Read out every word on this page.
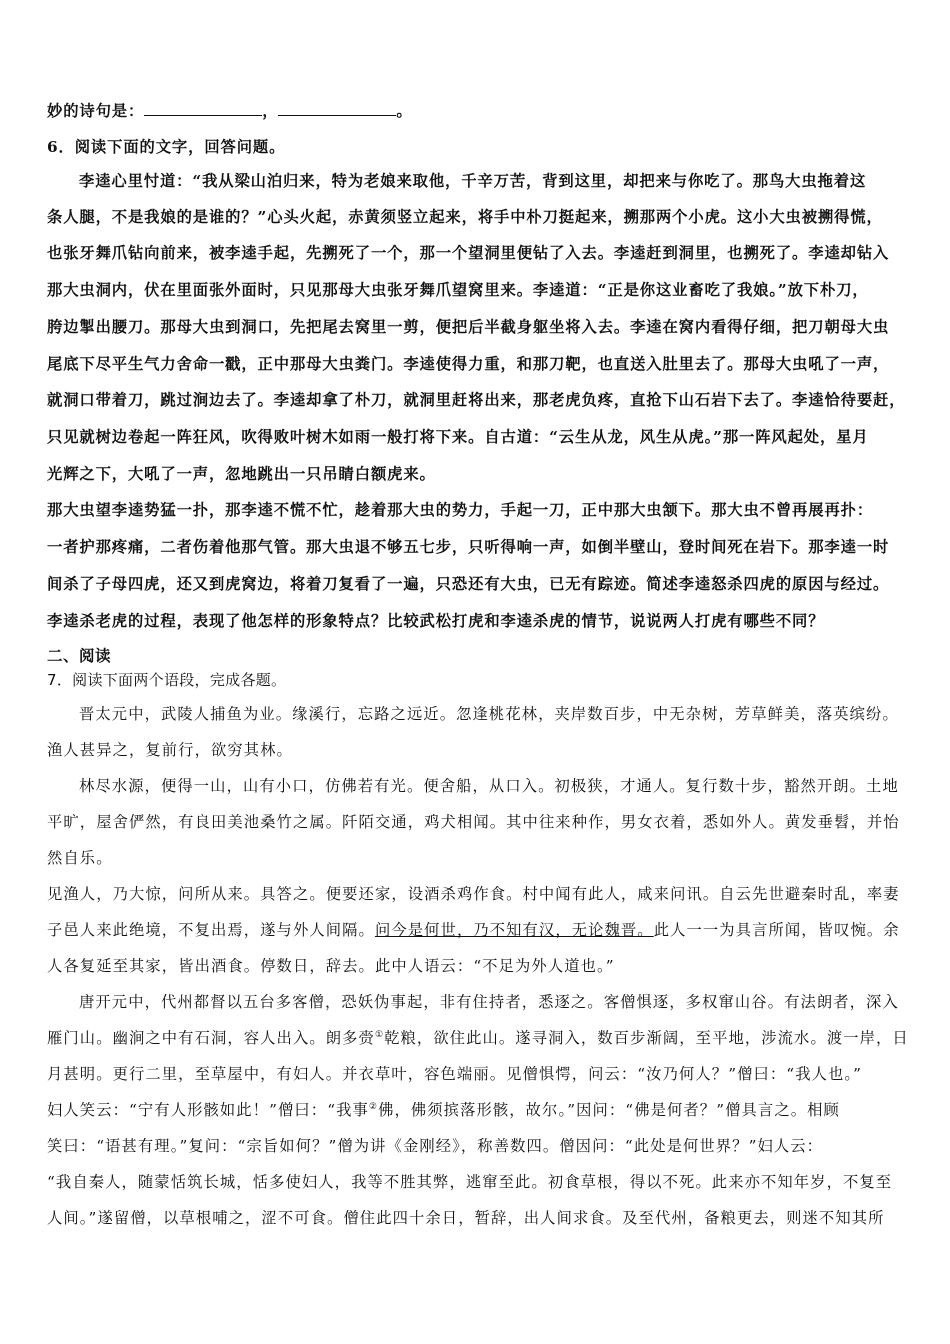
妙的诗句是：	，	。
6．阅读下面的文字，回答问题。
李逵心里忖道：“我从梁山泊归来，特为老娘来取他，千辛万苦，背到这里，却把来与你吃了。那鸟大虫拖着这
条人腿，不是我娘的是谁的？”心头火起，赤黄须竖立起来，将手中朴刀挺起来，搠那两个小虎。这小大虫被搠得慌，
也张牙舞爪钻向前来，被李逵手起，先搠死了一个，那一个望洞里便钻了入去。李逵赶到洞里，也搠死了。李逵却钻入
那大虫洞内，伏在里面张外面时，只见那母大虫张牙舞爪望窝里来。李逵道：“正是你这业畜吃了我娘。”放下朴刀，
胯边掣出腰刀。那母大虫到洞口，先把尾去窝里一剪，便把后半截身躯坐将入去。李逵在窝内看得仔细，把刀朝母大虫
尾底下尽平生气力舍命一戳，正中那母大虫粪门。李逵使得力重，和那刀靶，也直送入肚里去了。那母大虫吼了一声，
就洞口带着刀，跳过涧边去了。李逵却拿了朴刀，就洞里赶将出来，那老虎负疼，直抢下山石岩下去了。李逵恰待要赶，
只见就树边卷起一阵狂风，吹得败叶树木如雨一般打将下来。自古道：“云生从龙，风生从虎。”那一阵风起处，星月
光辉之下，大吼了一声，忽地跳出一只吊睛白额虎来。
那大虫望李逵势猛一扑，那李逵不慌不忙，趁着那大虫的势力，手起一刀，正中那大虫颔下。那大虫不曾再展再扑：
一者护那疼痛，二者伤着他那气管。那大虫退不够五七步，只听得响一声，如倒半壁山，登时间死在岩下。那李逵一时
间杀了子母四虎，还又到虎窝边，将着刀复看了一遍，只恐还有大虫，已无有踪迹。简述李逵怒杀四虎的原因与经过。
李逵杀老虎的过程，表现了他怎样的形象特点？比较武松打虎和李逵杀虎的情节，说说两人打虎有哪些不同？
二、阅读
7．阅读下面两个语段，完成各题。
晋太元中，武陵人捕鱼为业。缘溪行，忘路之远近。忽逢桃花林，夹岸数百步，中无杂树，芳草鲜美，落英缤纷。
渔人甚异之，复前行，欲穷其林。
林尽水源，便得一山，山有小口，仿佛若有光。便舍船，从口入。初极狭，才通人。复行数十步，豁然开朗。土地
平旷，屋舍俨然，有良田美池桑竹之属。阡陌交通，鸡犬相闻。其中往来种作，男女衣着，悉如外人。黄发垂髫，并怡
然自乐。
见渔人，乃大惊，问所从来。具答之。便要还家，设酒杀鸡作食。村中闻有此人，咸来问讯。自云先世避秦时乱，率妻
子邑人来此绝境，不复出焉，遂与外人间隔。问今是何世，乃不知有汉，无论魏晋。此人一一为具言所闻，皆叹惋。余
人各复延至其家，皆出酒食。停数日，辞去。此中人语云：“不足为外人道也。”
唐开元中，代州都督以五台多客僧，恐妖伪事起，非有住持者，悉逐之。客僧惧逐，多权窜山谷。有法朗者，深入
雁门山。幽涧之中有石洞，容人出入。朗多赍①乾粮，欲住此山。遂寻洞入，数百步渐阔，至平地，涉流水。渡一岸，日
月甚明。更行二里，至草屋中，有妇人。并衣草叶，容色端丽。见僧惧愕，问云：“汝乃何人？”僧曰：“我人也。”
妇人笑云：“宁有人形骸如此！”僧曰：“我事②佛，佛须摈落形骸，故尔。”因问：“佛是何者？”僧具言之。相顾
笑曰：“语甚有理。”复问：“宗旨如何？”僧为讲《金刚经》，称善数四。僧因问：“此处是何世界？”妇人云：
“我自秦人，随蒙恬筑长城，恬多使妇人，我等不胜其弊，逃窜至此。初食草根，得以不死。此来亦不知年岁，不复至
人间。”遂留僧，以草根哺之，涩不可食。僧住此四十余日，暂辞，出人间求食。及至代州，备粮更去，则迷不知其所
